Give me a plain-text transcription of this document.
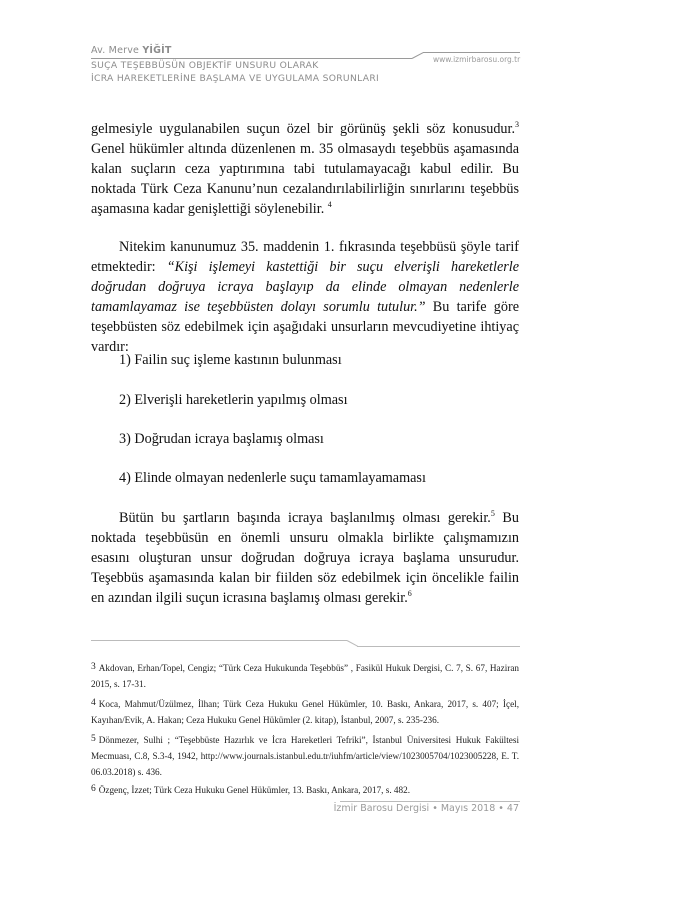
Av. Merve YİĞİT
SUÇA TEŞEBBÜSÜN OBJEKTİF UNSURU OLARAK
İCRA HAREKETLERİNE BAŞLAMA VE UYGULAMA SORUNLARI
www.izmirbarosu.org.tr

gelmesiyle uygulanabilen suçun özel bir görünüş şekli söz konusudur.$^3$ Genel hükümler altında düzenlenen m. 35 olmasaydı teşebbüs aşamasında kalan suçların ceza yaptırımına tabi tutulamayacağı kabul edilir. Bu noktada Türk Ceza Kanunu’nun cezalandırılabilirliğin sınırlarını teşebbüs aşamasına kadar genişlettiği söylenebilir. $^4$

Nitekim kanunumuz 35. maddenin 1. fıkrasında teşebbüsü şöyle tarif etmektedir: “Kişi işlemeyi kastettiği bir suçu elverişli hareketlerle doğrudan doğruya icraya başlayıp da elinde olmayan nedenlerle tamamlayamaz ise teşebbüsten dolayı sorumlu tutulur.” Bu tarife göre teşebbüsten söz edebilmek için aşağıdaki unsurların mevcudiyetine ihtiyaç vardır:

1) Failin suç işleme kastının bulunması
2) Elverişli hareketlerin yapılmış olması
3) Doğrudan icraya başlamış olması
4) Elinde olmayan nedenlerle suçu tamamlayamaması

Bütün bu şartların başında icraya başlanılmış olması gerekir.$^5$ Bu noktada teşebbüsün en önemli unsuru olmakla birlikte çalışmamızın esasını oluşturan unsur doğrudan doğruya icraya başlama unsurudur. Teşebbüs aşamasında kalan bir fiilden söz edebilmek için öncelikle failin en azından ilgili suçun icrasına başlamış olması gerekir.$^6$

3 Akdovan, Erhan/Topel, Cengiz; “Türk Ceza Hukukunda Teşebbüs” , Fasikül Hukuk Dergisi, C. 7, S. 67, Haziran 2015, s. 17-31.
4 Koca, Mahmut/Üzülmez, İlhan; Türk Ceza Hukuku Genel Hükümler, 10. Baskı, Ankara, 2017, s. 407; İçel, Kayıhan/Evik, A. Hakan; Ceza Hukuku Genel Hükümler (2. kitap), İstanbul, 2007, s. 235-236.
5 Dönmezer, Sulhi ; “Teşebbüste Hazırlık ve İcra Hareketleri Tefriki”, İstanbul Üniversitesi Hukuk Fakültesi Mecmuası, C.8, S.3-4, 1942, http://www.journals.istanbul.edu.tr/iuhfm/article/view/1023005704/1023005228, E. T. 06.03.2018) s. 436.
6 Özgenç, İzzet; Türk Ceza Hukuku Genel Hükümler, 13. Baskı, Ankara, 2017, s. 482.
İzmir Barosu Dergisi • Mayıs 2018 • 47
